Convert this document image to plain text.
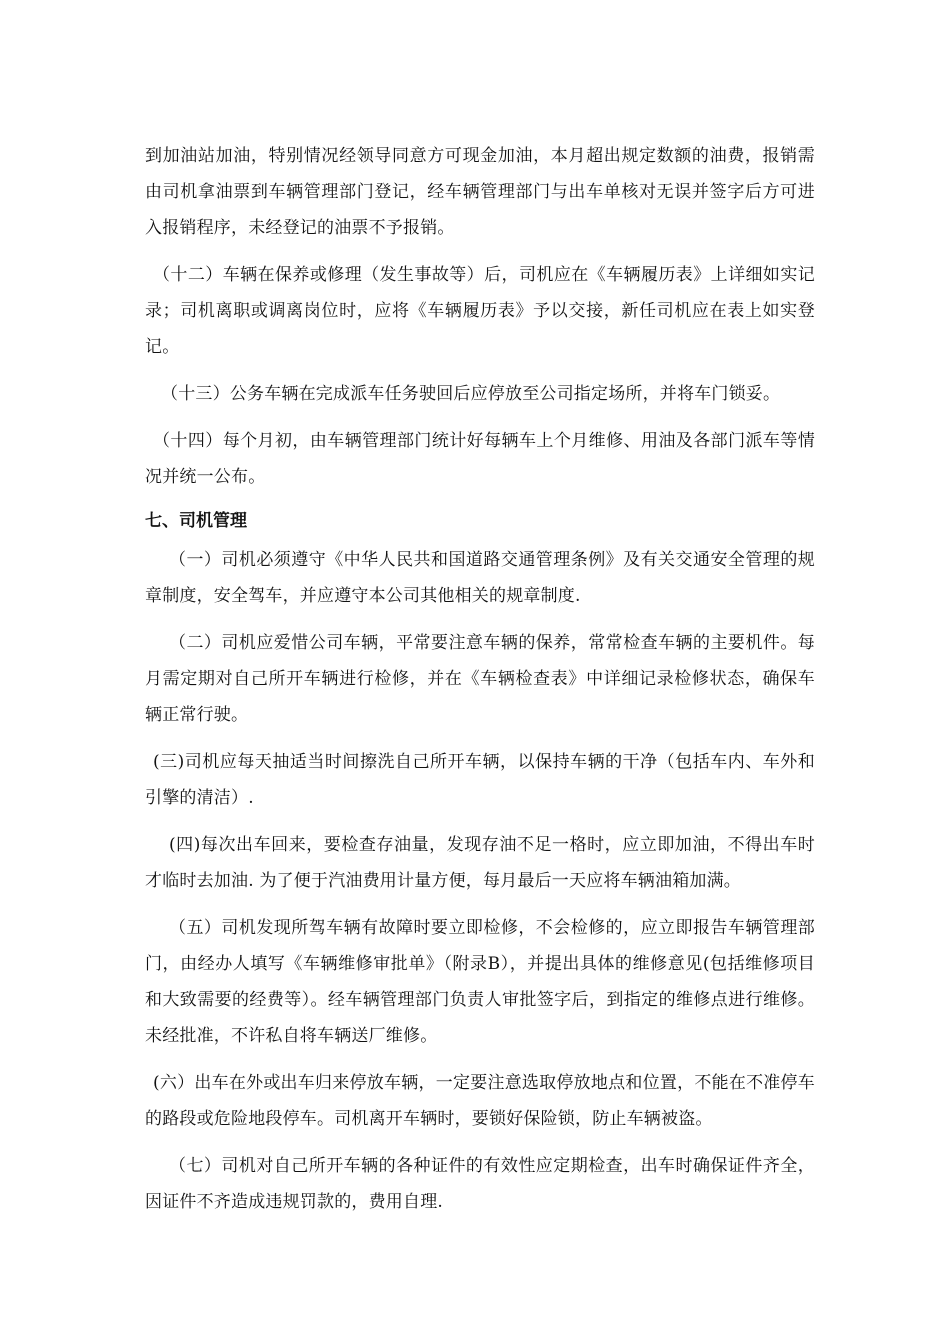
到加油站加油，特别情况经领导同意方可现金加油，本月超出规定数额的油费，报销需由司机拿油票到车辆管理部门登记，经车辆管理部门与出车单核对无误并签字后方可进入报销程序，未经登记的油票不予报销。

（十二）车辆在保养或修理（发生事故等）后，司机应在《车辆履历表》上详细如实记录；司机离职或调离岗位时，应将《车辆履历表》予以交接，新任司机应在表上如实登记。

（十三）公务车辆在完成派车任务驶回后应停放至公司指定场所，并将车门锁妥。

（十四）每个月初，由车辆管理部门统计好每辆车上个月维修、用油及各部门派车等情况并统一公布。

七、司机管理

（一）司机必须遵守《中华人民共和国道路交通管理条例》及有关交通安全管理的规章制度，安全驾车，并应遵守本公司其他相关的规章制度.

（二）司机应爱惜公司车辆，平常要注意车辆的保养，常常检查车辆的主要机件。每月需定期对自己所开车辆进行检修，并在《车辆检查表》中详细记录检修状态，确保车辆正常行驶。

(三)司机应每天抽适当时间擦洗自己所开车辆，以保持车辆的干净（包括车内、车外和引擎的清洁）.

(四)每次出车回来，要检查存油量，发现存油不足一格时，应立即加油，不得出车时才临时去加油. 为了便于汽油费用计量方便，每月最后一天应将车辆油箱加满。

（五）司机发现所驾车辆有故障时要立即检修，不会检修的，应立即报告车辆管理部门，由经办人填写《车辆维修审批单》（附录B），并提出具体的维修意见(包括维修项目和大致需要的经费等）。经车辆管理部门负责人审批签字后，到指定的维修点进行维修。未经批准，不许私自将车辆送厂维修。

(六）出车在外或出车归来停放车辆，一定要注意选取停放地点和位置，不能在不准停车的路段或危险地段停车。司机离开车辆时，要锁好保险锁，防止车辆被盗。

（七）司机对自己所开车辆的各种证件的有效性应定期检查，出车时确保证件齐全，因证件不齐造成违规罚款的，费用自理.
